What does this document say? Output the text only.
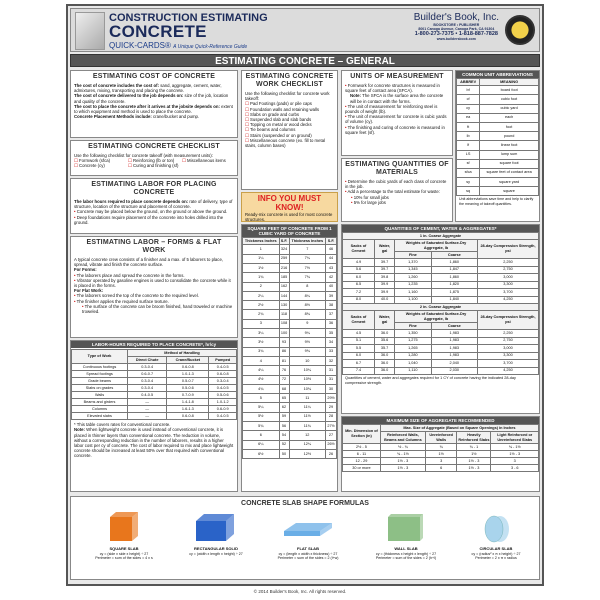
CONSTRUCTION ESTIMATING
CONCRETE
QUICK-CARDS® A Unique Quick-Reference Guide
Builder's Book, Inc.
BOOKSTORE • PUBLISHER
8001 Canoga Avenue, Canoga Park, CA 91304
1-800-273-7375 • 1-818-887-7828
www.buildersbook.com
ESTIMATING CONCRETE – GENERAL
ESTIMATING COST OF CONCRETE

The cost of concrete includes the cost of: sand, aggregate, cement, water, admixtures, mixing, transporting and placing the concrete.

The cost of concrete delivered to the job depends on: size of the job, location and quality of the concrete.

The cost to place the concrete after it arrives at the jobsite depends on: extent to which equipment and method is used to place the concrete.

Concrete Placement Methods include: crane/bucket and pump.

ESTIMATING CONCRETE CHECKLIST

Use the following checklist for concrete takeoff (with measurement units):

☐ Formwork (sfca)
☐ Concrete (cy)
☐ Reinforcing (lb or ton)
☐ Curing and finishing (sf)
☐ Miscellaneous items
ESTIMATING LABOR FOR PLACING CONCRETE

The labor hours required to place concrete depends on: rate of delivery, type of structure, location of the structure and placement of concrete.

• Concrete may be placed below the ground, on the ground or above the ground.
• Deep foundations require placement of the concrete into holes drilled into the ground.
ESTIMATING LABOR – FORMS & FLAT WORK

A typical concrete crew consists of a finisher and a max. of 5 laborers to place, spread, vibrate and finish the concrete surface.

For Forms:
• The laborers place and spread the concrete in the forms.
• Vibrator operated by gasoline engines is used to consolidate the concrete while it is placed in the forms.
For Flat Work:
• The laborers screed the top of the concrete to the required level.
• The finisher applies the required surface texture.
• The surface of the concrete can be broom finished, hand troweled or machine troweled.
LABOR-HOURS REQUIRED TO PLACE CONCRETE*, hr/cy
Type of Work	Method of Handling		
	Direct Chute	Crane/Bucket	Pumped
Continuous footings	0.3-0.4	0.6-0.8	0.4-0.5
Spread footings	0.6-0.7	1.0-1.3	0.6-0.8
Grade beams	0.3-0.4	0.5-0.7	0.3-0.4
Slabs on grades	0.3-0.4	0.5-0.6	0.4-0.5
Walls	0.4-0.5	0.7-0.9	0.5-0.6
Beams and girders	—	1.4-1.8	1.0-1.2
Columns	—	1.6-1.3	0.6-0.9
Elevated slabs	—	0.6-0.8	0.4-0.5

* This table covers rates for conventional concrete.

Note: When lightweight concrete is used instead of conventional concrete, it is placed in thinner layers than conventional concrete. The reduction in volume, without a corresponding reduction in the number of laborers, results in a higher labor cost per cy of concrete. The cost of labor required to mix and place lightweight concrete should be increased at least 50% over that required with conventional concrete.

ESTIMATING CONCRETE WORK CHECKLIST

Use the following checklist for concrete work takeoff:

☐ Pad Footings (pads) or pile caps
☐ Foundation walls and retaining walls
☐ Slabs on grade and curbs
☐ Suspended slab and slab bands
☐ Topping on metal or wood decks
☐ Tie beams and columns
☐ Stairs (suspended or on ground)
☐ Miscellaneous concrete (ex. fill to metal stairs, column bases)
INFO YOU MUST KNOW!
Ready-mix concrete is used for most concrete structures.
SQUARE FEET OF CONCRETE FROM 1 CUBIC YARD OF CONCRETE
Thickness Inches	S.F.	Thickness Inches	S.F.
1	324	7	46
1¼	259	7¼	44
1½	216	7½	43
1¾	185	7¾	42
2	162	8	40
2¼	144	8¼	39
2½	130	8½	38
2¾	118	8¾	37
3	108	9	36
3¼	100	9¼	35
3½	93	9½	34
3¾	86	9¾	33
4	81	10	32
4¼	76	10¼	31
4½	72	10½	31
4¾	68	10¾	30
5	65	11	29½
5¼	62	11¼	29
5½	59	11½	28
5¾	56	11¾	27½
6	54	12	27
6¼	52	12¼	26½
6½	50	12½	26
UNITS OF MEASUREMENT
• Formwork for concrete structures is measured in square feet of contact area (SFCA).

Note: The SFCA is the surface area the concrete will be in contact with the forms.

• The unit of measurement for reinforcing steel is pounds of weight (lb).
• The unit of measurement for concrete is cubic yards of volume (cy).
• The finishing and curing of concrete is measured in square feet (sf).
ESTIMATING QUANTITIES OF MATERIALS
• Determine the cubic yards of each class of concrete in the job.
• Add a percentage to the total estimate for waste:
• 10% for small jobs
• 5% for large jobs
COMMON UNIT ABBREVIATIONS
ABBREV	MEANING
bf	board foot
cf	cubic foot
cy	cubic yard
ea	each
ft	foot
lb	pound
lf	linear foot
LS	lump sum
sf	square foot
sfca	square feet of contact area
sy	square yard
sq	square

Unit abbreviations save time and help to clarify the meaning of takeoff quantities.

QUANTITIES OF CEMENT, WATER & AGGREGATES*
1 in. Coarse Aggregate				
Sacks of Cement	Water, gal	Weights of Saturated Surface-Dry Aggregate, lb		28-day Compression Strength, psi
		Fine	Coarse	
4.9	39.7	1,370	1,860	2,250
5.6	39.7	1,345	1,847	2,750
6.0	39.8	1,260	1,860	3,000
6.5	39.9	1,235	1,820	3,300
7.2	39.9	1,160	1,875	3,700
8.0	40.0	1,100	1,840	4,250
2 in. Coarse Aggregate				
Sacks of Cement	Water, gal	Weights of Saturated Surface-Dry Aggregate, lb		28-day Compression Strength, psi
		Fine	Coarse	
4.5	36.0	1,350	1,983	2,250
5.1	35.6	1,275	1,983	2,750
5.5	35.7	1,265	1,983	3,000
6.0	36.0	1,280	1,983	3,300
6.7	36.0	1,040	2,040	3,700
7.4	36.0	1,110	2,030	4,250

Quantities of cement, water and aggregates required for 1 CY of concrete having the indicated 28-day compressive strength.

MAXIMUM SIZE OF AGGREGATE RECOMMENDED
Min. Dimension of Section (in)	Max. Size of Aggregate (Based on Square Openings) in Inches			
	Reinforced Walls, Beams and Columns	Unreinforced Walls	Heavily Reinforced Slabs	Light Reinforced or Unreinforced Slabs
2½ - 5	½ - ¾	¾	¾ - 1	¾ - 1½
6 - 11	¾ - 1½	1½	1½	1½ - 3
12 - 29	1½ - 3	3	1½ - 3	3
30 or more	1½ - 3	6	1½ - 3	3 - 6
CONCRETE SLAB SHAPE FORMULAS
SQUARE SLAB
cy = (side x side x height) ÷ 27
Perimeter = sum of the sides = 4 x s
RECTANGULAR SOLID
cy = (width x length x height) ÷ 27
FLAT SLAB
cy = (length x width x thickness) ÷ 27
Perimeter = sum of the sides = 2 (l+w)
WALL SLAB
cy = (thickness x height x length) ÷ 27
Perimeter = sum of the sides = 2 (h+l)
CIRCULAR SLAB
cy = (radius² x π x height) ÷ 27
Perimeter = 2 x π x radius
© 2014 Builder's Book, Inc. All rights reserved.
